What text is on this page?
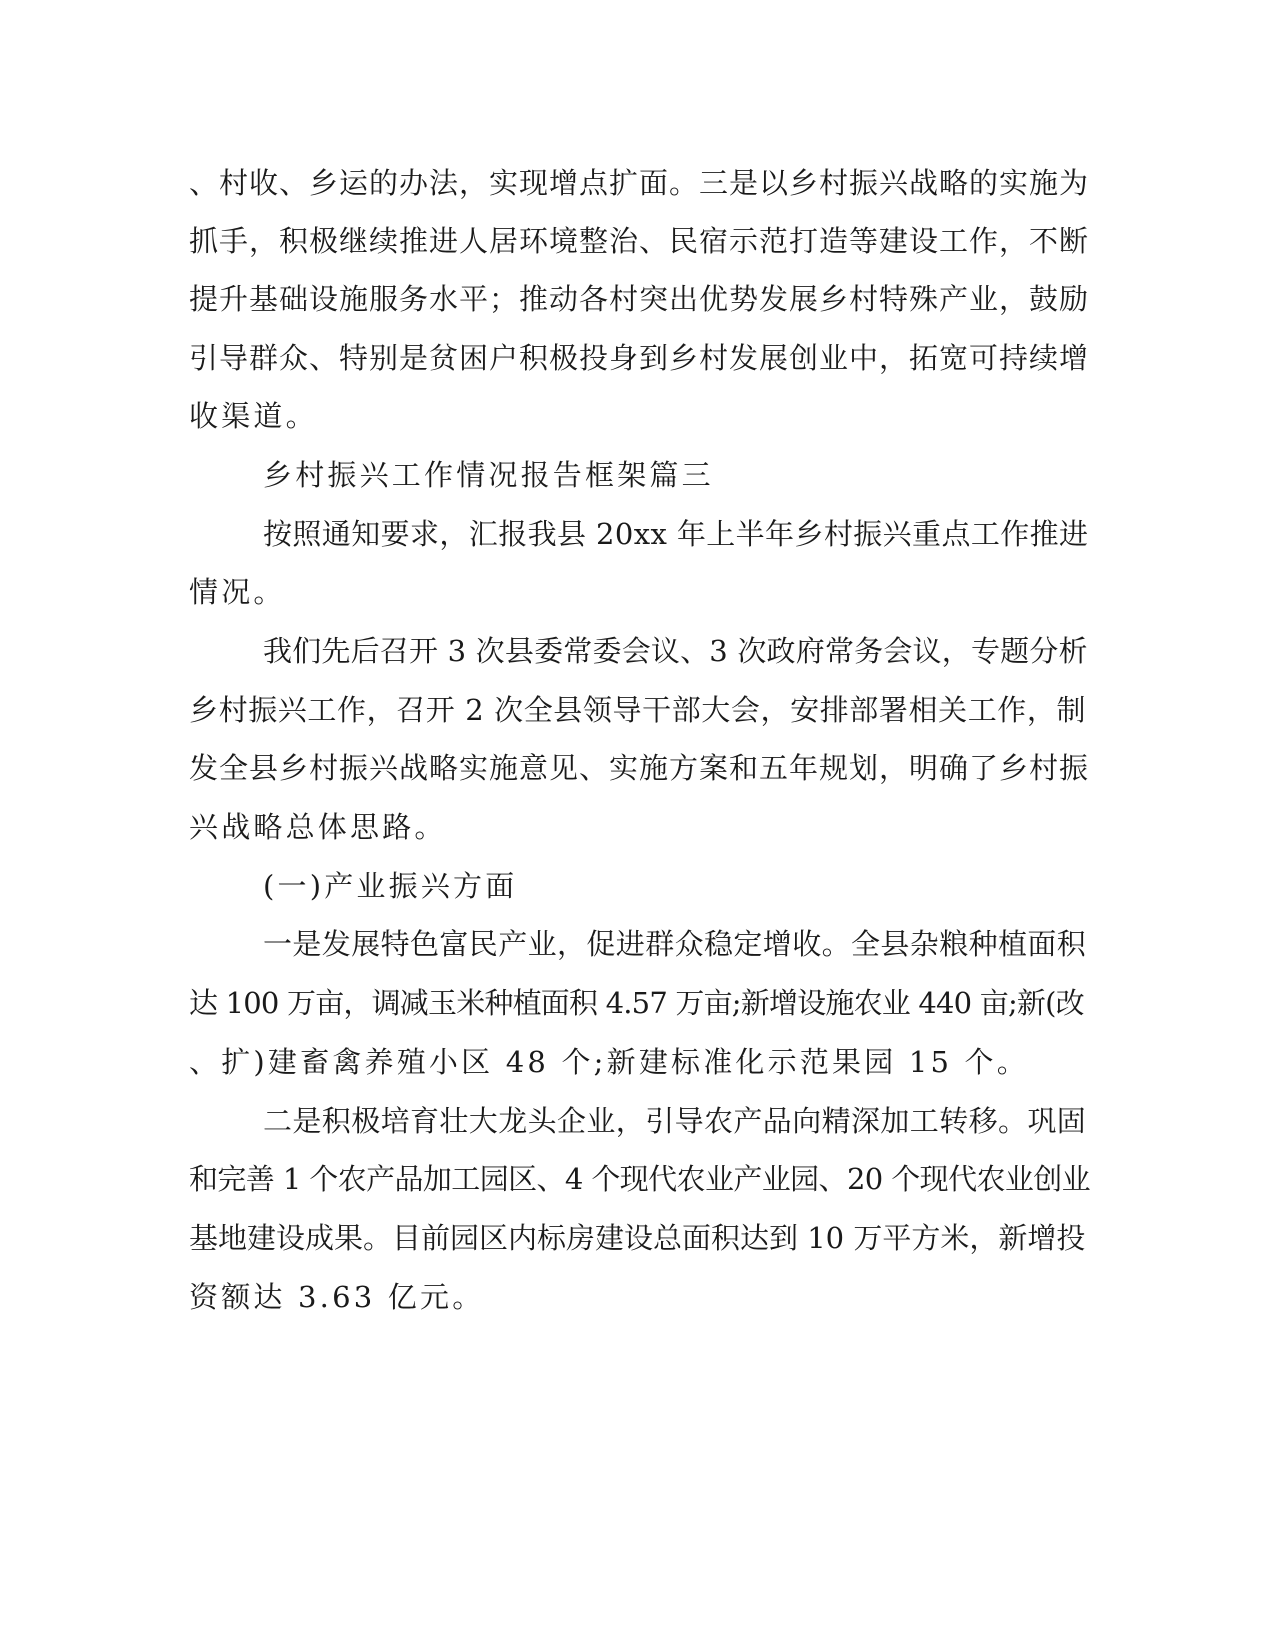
、村收、乡运的办法，实现增点扩面。三是以乡村振兴战略的实施为
抓手，积极继续推进人居环境整治、民宿示范打造等建设工作，不断
提升基础设施服务水平；推动各村突出优势发展乡村特殊产业，鼓励
引导群众、特别是贫困户积极投身到乡村发展创业中，拓宽可持续增
收渠道。
乡村振兴工作情况报告框架篇三
按照通知要求，汇报我县 20xx 年上半年乡村振兴重点工作推进
情况。
我们先后召开 3 次县委常委会议、3 次政府常务会议，专题分析
乡村振兴工作，召开 2 次全县领导干部大会，安排部署相关工作，制
发全县乡村振兴战略实施意见、实施方案和五年规划，明确了乡村振
兴战略总体思路。
(一)产业振兴方面
一是发展特色富民产业，促进群众稳定增收。全县杂粮种植面积
达 100 万亩，调减玉米种植面积 4.57 万亩;新增设施农业 440 亩;新(改
、扩)建畜禽养殖小区 48 个;新建标准化示范果园 15 个。
二是积极培育壮大龙头企业，引导农产品向精深加工转移。巩固
和完善 1 个农产品加工园区、4 个现代农业产业园、20 个现代农业创业
基地建设成果。目前园区内标房建设总面积达到 10 万平方米，新增投
资额达 3.63 亿元。
